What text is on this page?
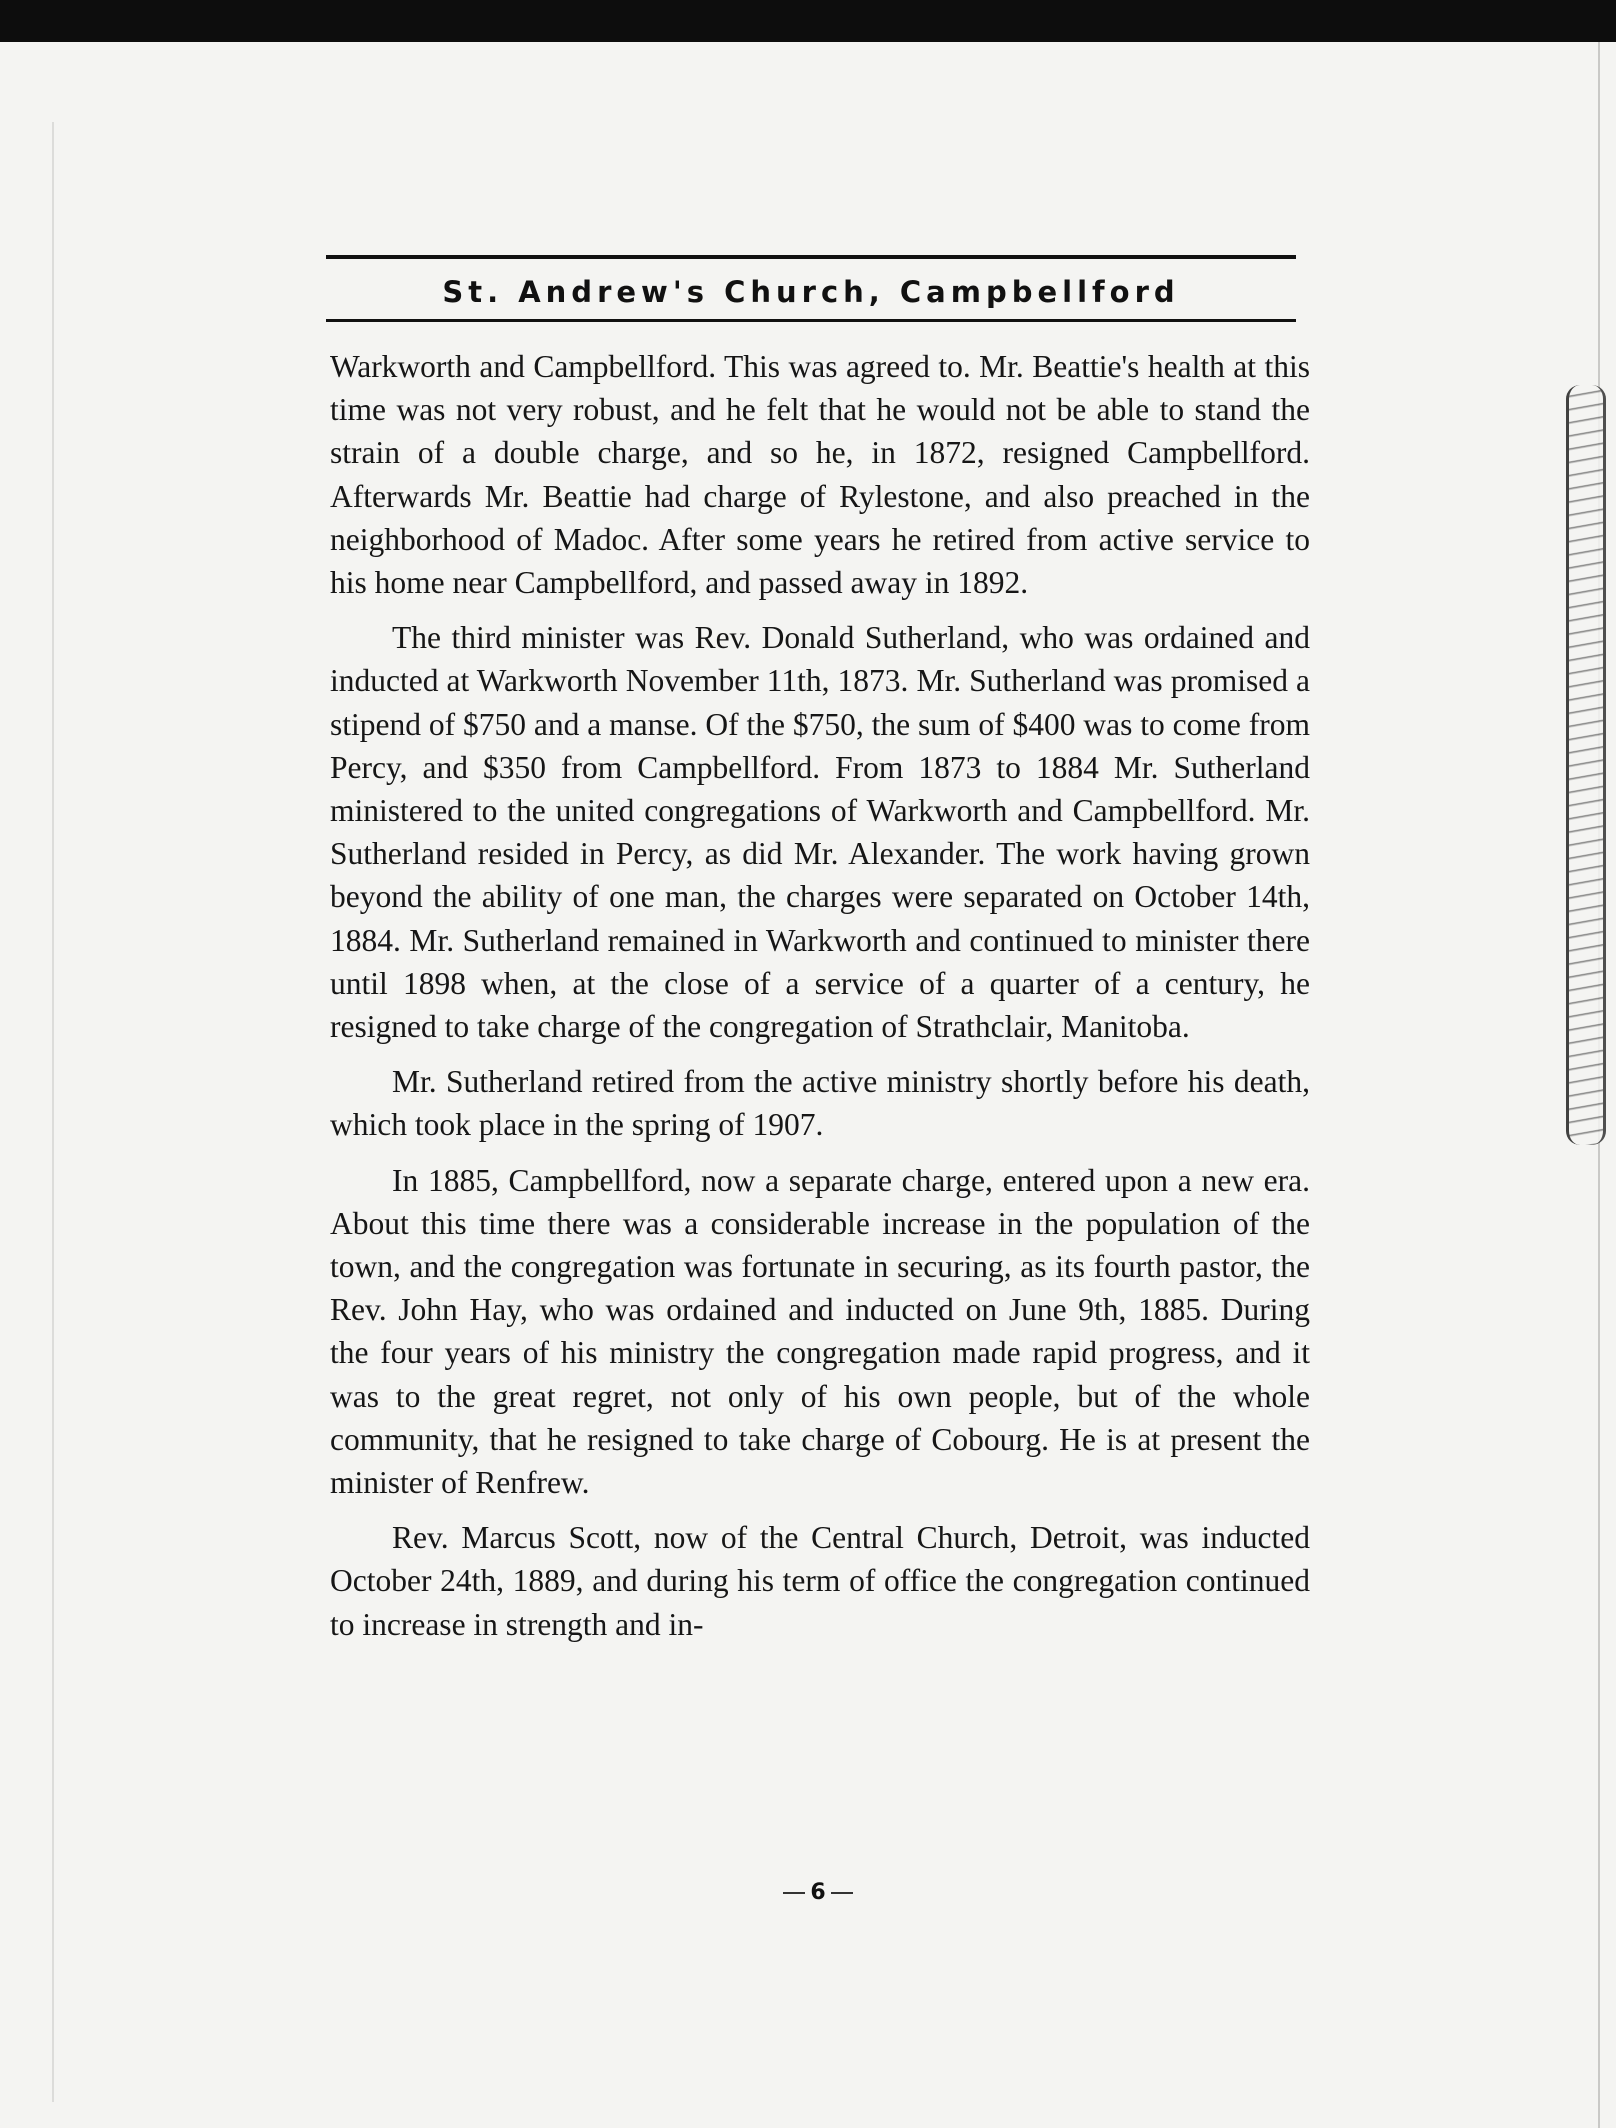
St. Andrew's Church, Campbellford

Warkworth and Campbellford. This was agreed to. Mr. Beattie's health at this time was not very robust, and he felt that he would not be able to stand the strain of a double charge, and so he, in 1872, resigned Campbellford. Afterwards Mr. Beattie had charge of Rylestone, and also preached in the neighborhood of Madoc. After some years he retired from active service to his home near Campbellford, and passed away in 1892.

The third minister was Rev. Donald Sutherland, who was ordained and inducted at Warkworth November 11th, 1873. Mr. Sutherland was promised a stipend of $750 and a manse. Of the $750, the sum of $400 was to come from Percy, and $350 from Campbellford. From 1873 to 1884 Mr. Sutherland ministered to the united congregations of Warkworth and Campbellford. Mr. Sutherland resided in Percy, as did Mr. Alexander. The work having grown beyond the ability of one man, the charges were separated on October 14th, 1884. Mr. Sutherland remained in Warkworth and continued to minister there until 1898 when, at the close of a service of a quarter of a century, he resigned to take charge of the congregation of Strathclair, Manitoba.

Mr. Sutherland retired from the active ministry shortly before his death, which took place in the spring of 1907.

In 1885, Campbellford, now a separate charge, entered upon a new era. About this time there was a considerable increase in the population of the town, and the congregation was fortunate in securing, as its fourth pastor, the Rev. John Hay, who was ordained and inducted on June 9th, 1885. During the four years of his ministry the congregation made rapid progress, and it was to the great regret, not only of his own people, but of the whole community, that he resigned to take charge of Cobourg. He is at present the minister of Renfrew.

Rev. Marcus Scott, now of the Central Church, Detroit, was inducted October 24th, 1889, and during his term of office the congregation continued to increase in strength and in-

6
